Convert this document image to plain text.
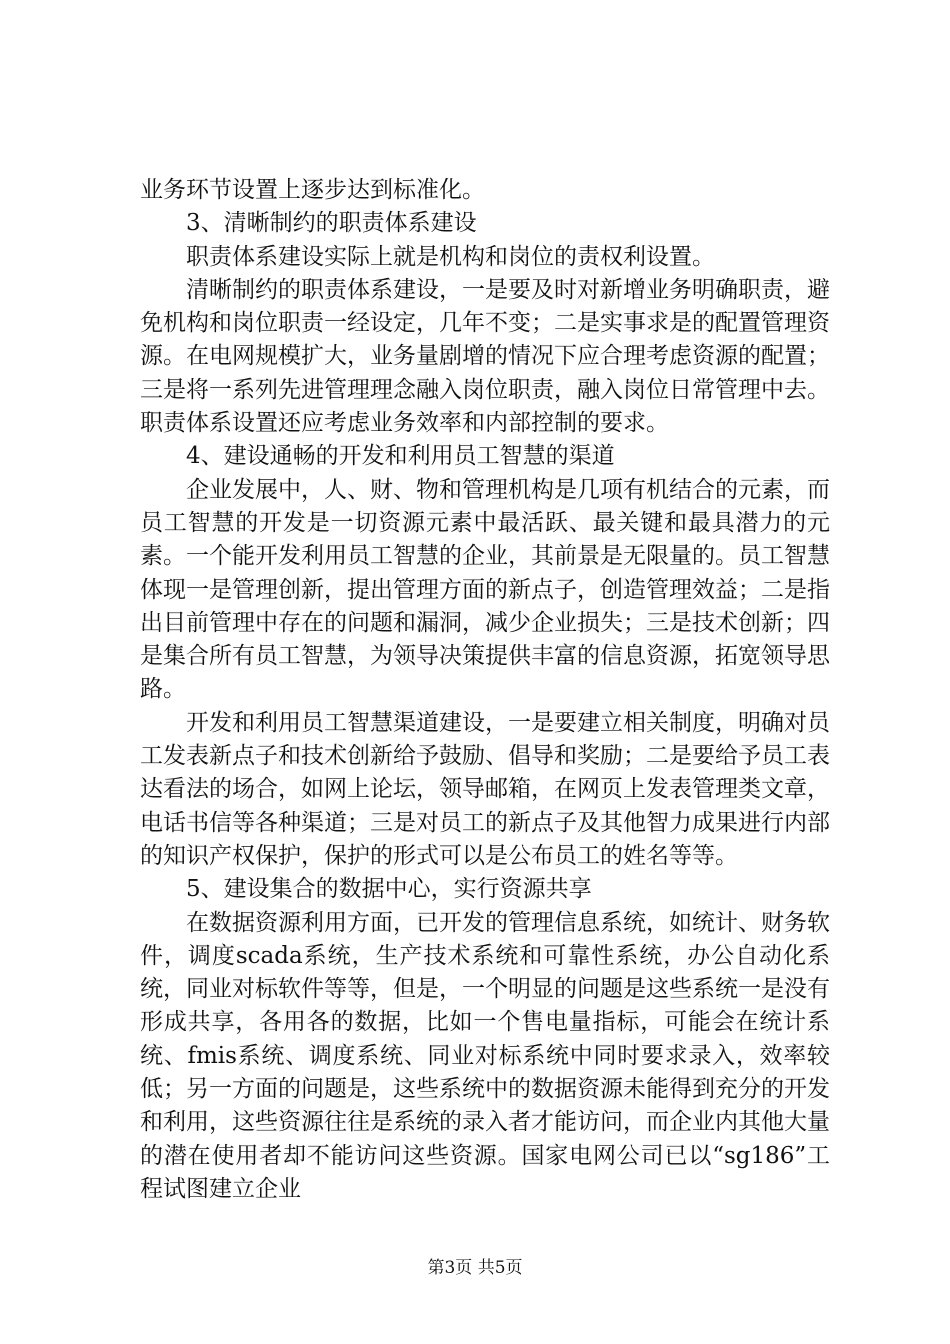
业务环节设置上逐步达到标准化。

3、清晰制约的职责体系建设

职责体系建设实际上就是机构和岗位的责权利设置。

清晰制约的职责体系建设，一是要及时对新增业务明确职责，避免机构和岗位职责一经设定，几年不变；二是实事求是的配置管理资源。在电网规模扩大，业务量剧增的情况下应合理考虑资源的配置；三是将一系列先进管理理念融入岗位职责，融入岗位日常管理中去。职责体系设置还应考虑业务效率和内部控制的要求。

4、建设通畅的开发和利用员工智慧的渠道

企业发展中，人、财、物和管理机构是几项有机结合的元素，而员工智慧的开发是一切资源元素中最活跃、最关键和最具潜力的元素。一个能开发利用员工智慧的企业，其前景是无限量的。员工智慧体现一是管理创新，提出管理方面的新点子，创造管理效益；二是指出目前管理中存在的问题和漏洞，减少企业损失；三是技术创新；四是集合所有员工智慧，为领导决策提供丰富的信息资源，拓宽领导思路。

开发和利用员工智慧渠道建设，一是要建立相关制度，明确对员工发表新点子和技术创新给予鼓励、倡导和奖励；二是要给予员工表达看法的场合，如网上论坛，领导邮箱，在网页上发表管理类文章，电话书信等各种渠道；三是对员工的新点子及其他智力成果进行内部的知识产权保护，保护的形式可以是公布员工的姓名等等。

5、建设集合的数据中心，实行资源共享

在数据资源利用方面，已开发的管理信息系统，如统计、财务软件，调度scada系统，生产技术系统和可靠性系统，办公自动化系统，同业对标软件等等，但是，一个明显的问题是这些系统一是没有形成共享，各用各的数据，比如一个售电量指标，可能会在统计系统、fmis系统、调度系统、同业对标系统中同时要求录入，效率较低；另一方面的问题是，这些系统中的数据资源未能得到充分的开发和利用，这些资源往往是系统的录入者才能访问，而企业内其他大量的潜在使用者却不能访问这些资源。国家电网公司已以“sg186”工程试图建立企业

第3页 共5页
